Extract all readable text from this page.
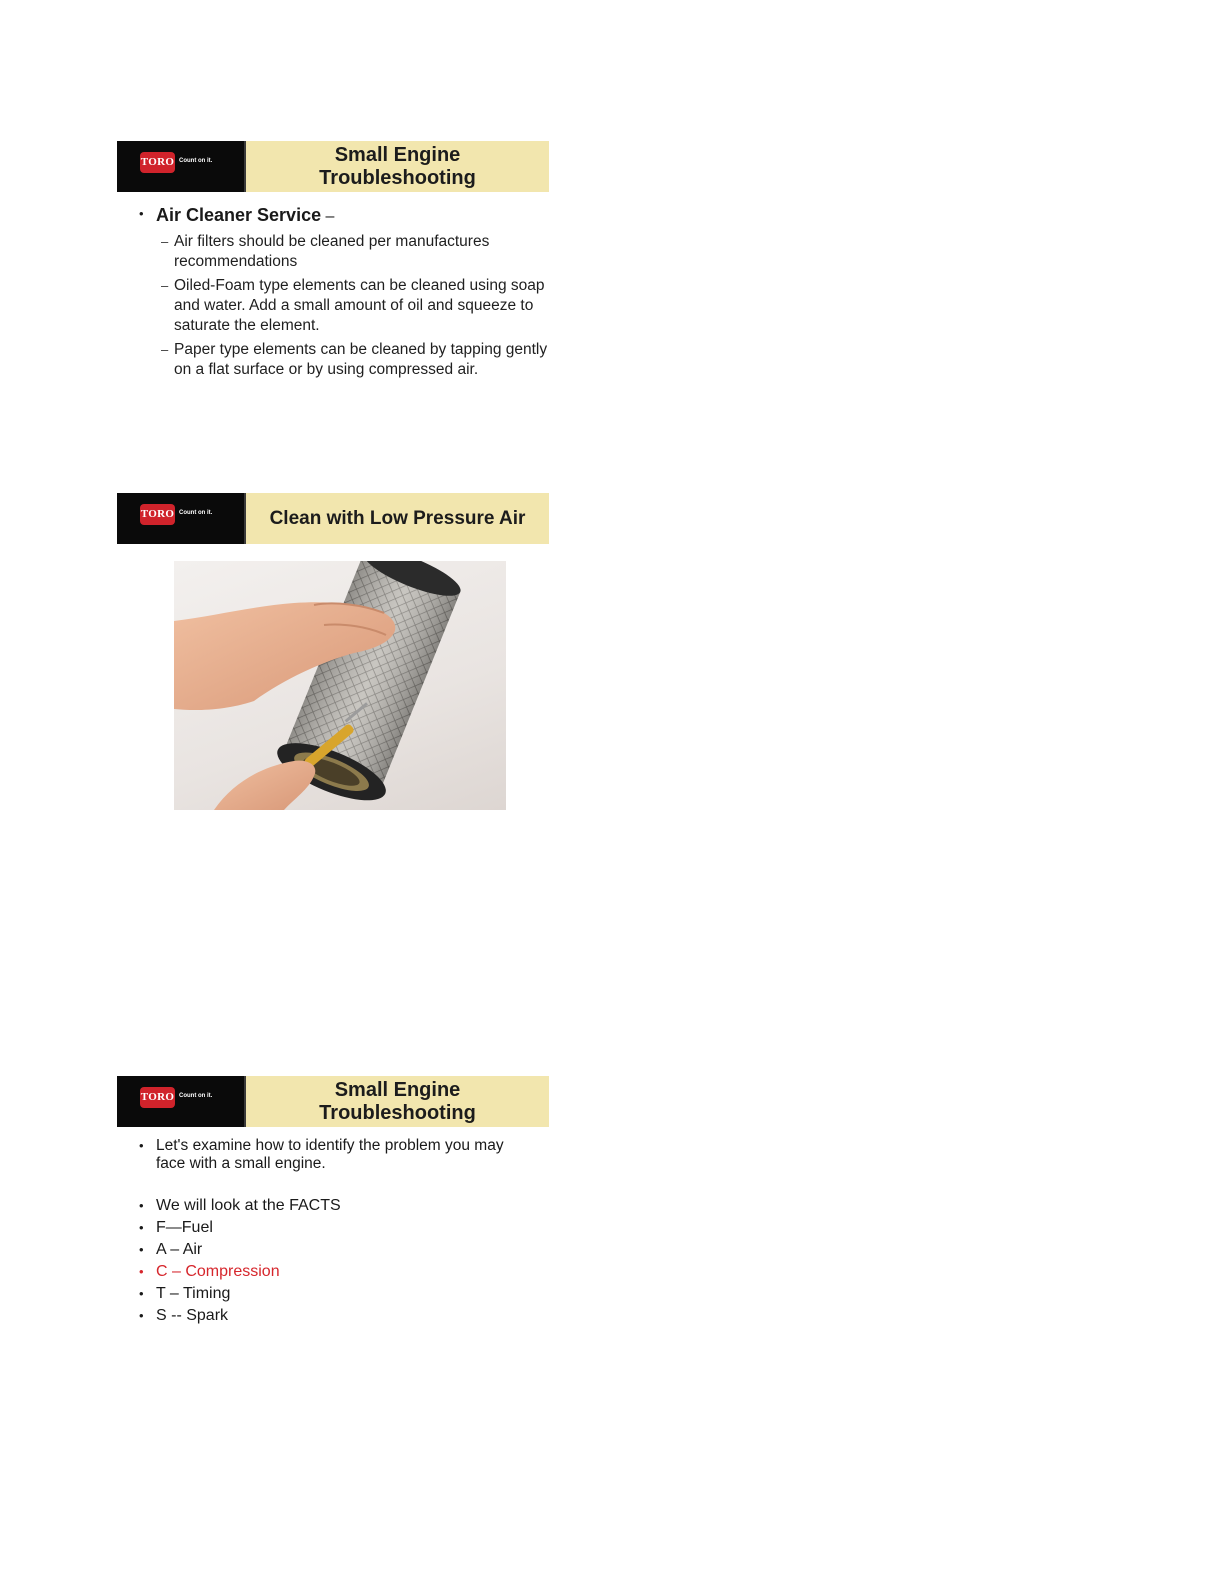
TORO Count on it.	Small Engine
Troubleshooting
• Air Cleaner Service –
– Air filters should be cleaned per manufactures recommendations
– Oiled-Foam type elements can be cleaned using soap and water. Add a small amount of oil and squeeze to saturate the element.
– Paper type elements can be cleaned by tapping gently on a flat surface or by using compressed air.
TORO Count on it.	Clean with Low Pressure Air
TORO Count on it.	Small Engine
Troubleshooting
• Let's examine how to identify the problem you may face with a small engine.
• We will look at the FACTS
• F—Fuel
• A – Air
• C – Compression
• T – Timing
• S -- Spark
